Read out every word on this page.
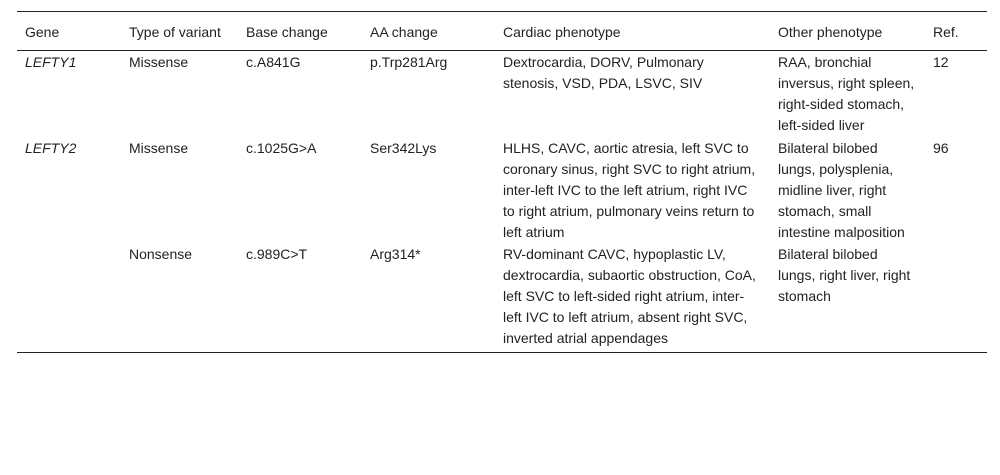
Gene	Type of variant	Base change	AA change	Cardiac phenotype	Other phenotype	Ref.
LEFTY1	Missense	c.A841G	p.Trp281Arg	Dextrocardia, DORV, Pulmonary stenosis, VSD, PDA, LSVC, SIV	RAA, bronchial inversus, right spleen, right-sided stomach, left-sided liver	12
LEFTY2	Missense	c.1025G>A	Ser342Lys	HLHS, CAVC, aortic atresia, left SVC to coronary sinus, right SVC to right atrium, inter-left IVC to the left atrium, right IVC to right atrium, pulmonary veins return to left atrium	Bilateral bilobed lungs, polysplenia, midline liver, right stomach, small intestine malposition	96
	Nonsense	c.989C>T	Arg314*	RV-dominant CAVC, hypoplastic LV, dextrocardia, subaortic obstruction, CoA, left SVC to left-sided right atrium, inter-left IVC to left atrium, absent right SVC, inverted atrial appendages	Bilateral bilobed lungs, right liver, right stomach	
